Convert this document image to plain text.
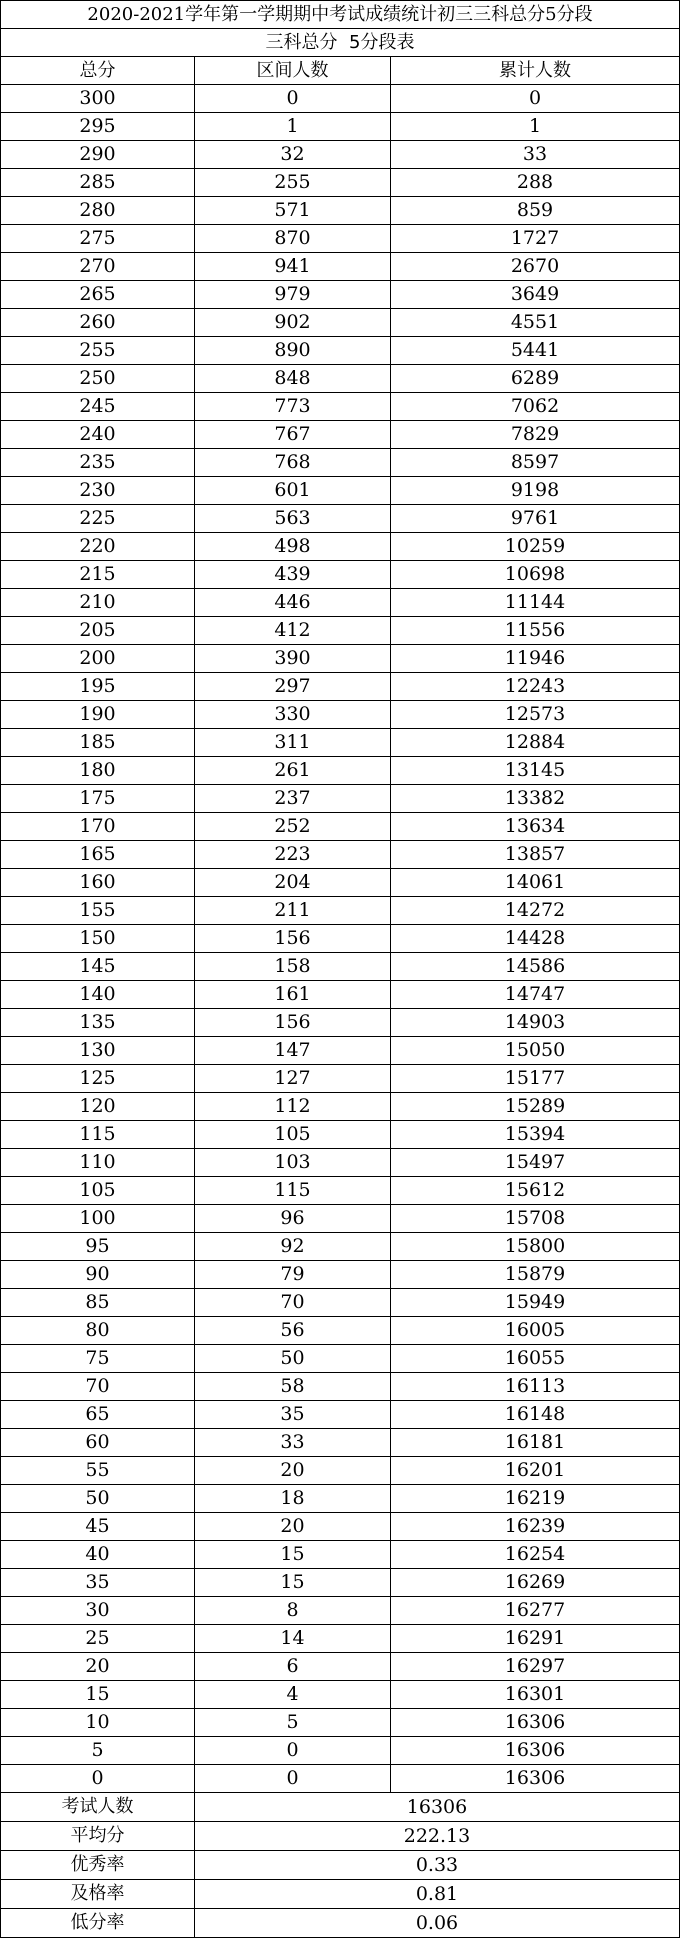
2020-2021学年第一学期期中考试成绩统计初三三科总分5分段		
三科总分  5分段表		
总分	区间人数	累计人数
300	0	0
295	1	1
290	32	33
285	255	288
280	571	859
275	870	1727
270	941	2670
265	979	3649
260	902	4551
255	890	5441
250	848	6289
245	773	7062
240	767	7829
235	768	8597
230	601	9198
225	563	9761
220	498	10259
215	439	10698
210	446	11144
205	412	11556
200	390	11946
195	297	12243
190	330	12573
185	311	12884
180	261	13145
175	237	13382
170	252	13634
165	223	13857
160	204	14061
155	211	14272
150	156	14428
145	158	14586
140	161	14747
135	156	14903
130	147	15050
125	127	15177
120	112	15289
115	105	15394
110	103	15497
105	115	15612
100	96	15708
95	92	15800
90	79	15879
85	70	15949
80	56	16005
75	50	16055
70	58	16113
65	35	16148
60	33	16181
55	20	16201
50	18	16219
45	20	16239
40	15	16254
35	15	16269
30	8	16277
25	14	16291
20	6	16297
15	4	16301
10	5	16306
5	0	16306
0	0	16306
考试人数	16306	
平均分	222.13	
优秀率	0.33	
及格率	0.81	
低分率	0.06	
